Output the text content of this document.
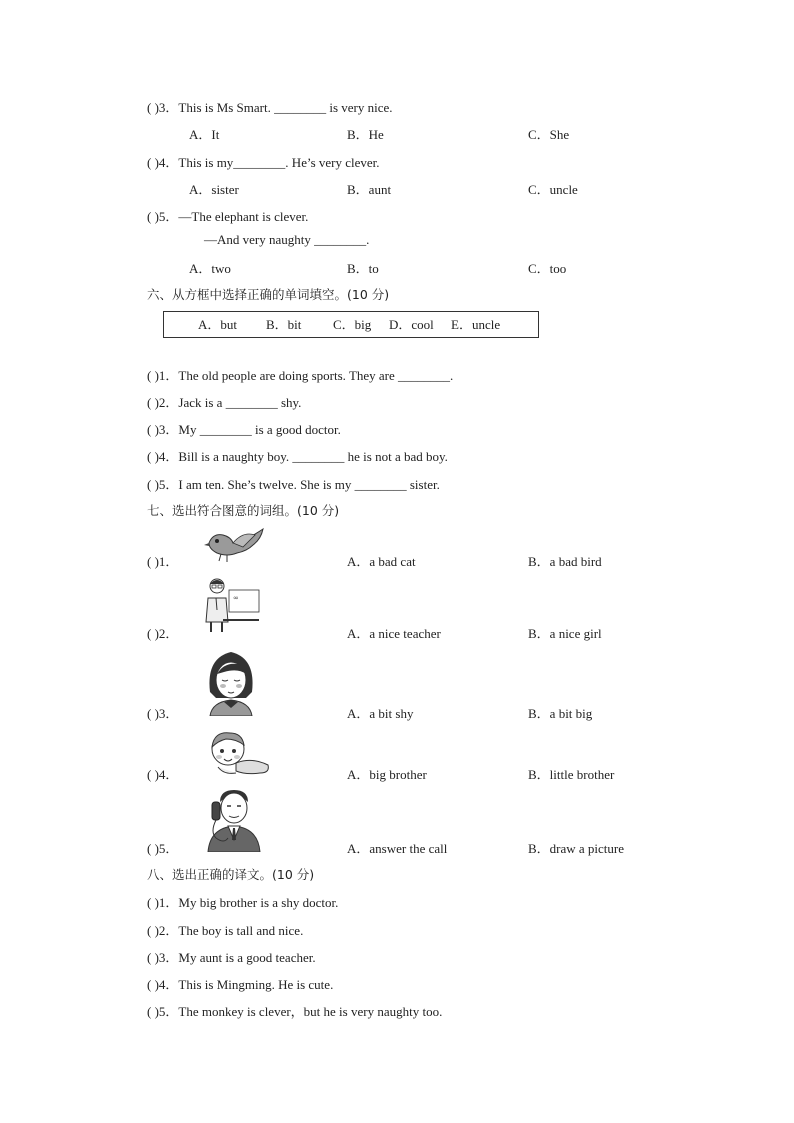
( )3．This is Ms Smart. ________ is very nice.
A．It	B．He	C．She
( )4．This is my________. He’s very clever.
A．sister	B．aunt	C．uncle
( )5．—The elephant is clever.
—And very naughty ________.
A．two	B．to	C．too
六、从方框中选择正确的单词填空。(10 分)
A．but B．bit C．big D．cool E．uncle
( )1．The old people are doing sports. They are ________.
( )2．Jack is a ________ shy.
( )3．My ________ is a good doctor.
( )4．Bill is a naughty boy. ________ he is not a bad boy.
( )5．I am ten. She’s twelve. She is my ________ sister.
七、选出符合图意的词组。(10 分)
( )1．	A．a bad cat	B．a bad bird
( )2．
∞
A．a nice teacher	B．a nice girl
( )3．	A．a bit shy	B．a bit big
( )4．	A．big brother	B．little brother
( )5．	A．answer the call	B．draw a picture
八、选出正确的译文。(10 分)
( )1．My big brother is a shy doctor.
( )2．The boy is tall and nice.
( )3．My aunt is a good teacher.
( )4．This is Mingming. He is cute.
( )5．The monkey is clever，but he is very naughty too.
